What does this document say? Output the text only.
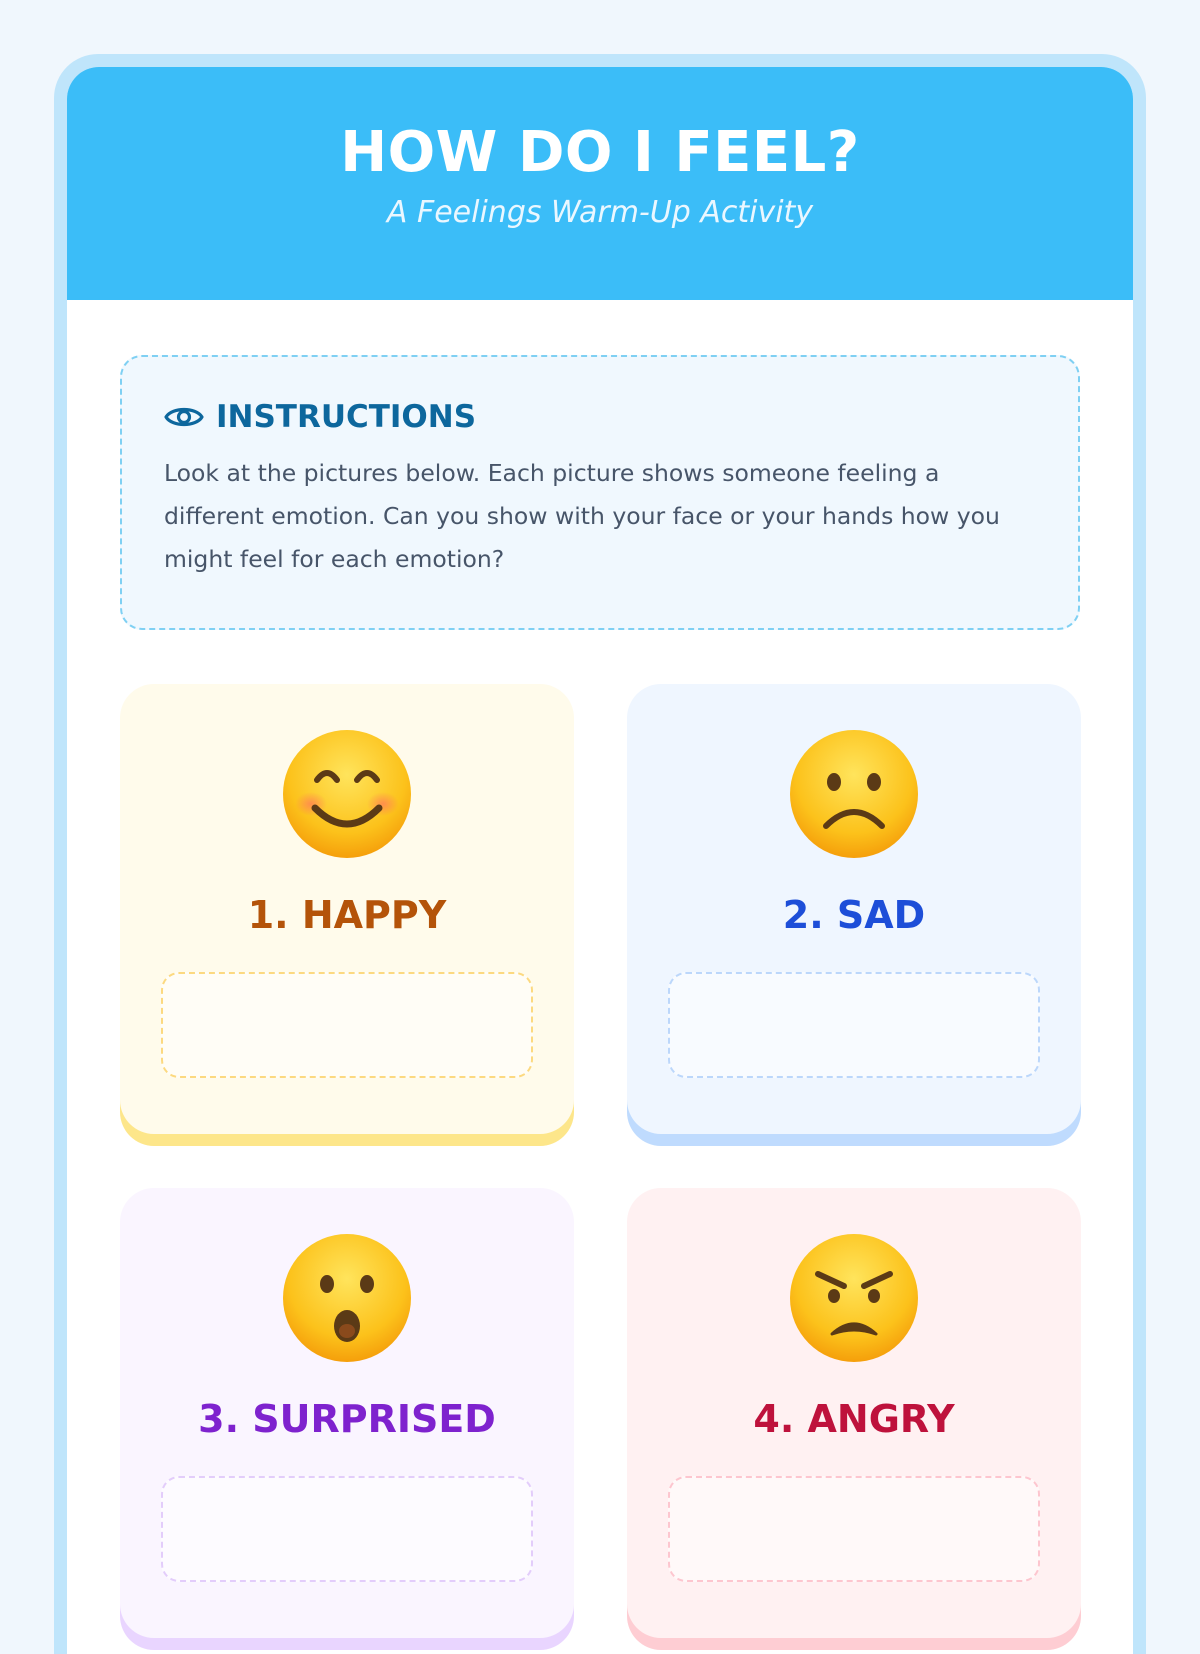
HOW DO I FEEL?
A Feelings Warm-Up Activity
INSTRUCTIONS

Look at the pictures below. Each picture shows someone feeling a different emotion. Can you show with your face or your hands how you might feel for each emotion?

1. HAPPY	2. SAD
3. SURPRISED	4. ANGRY
